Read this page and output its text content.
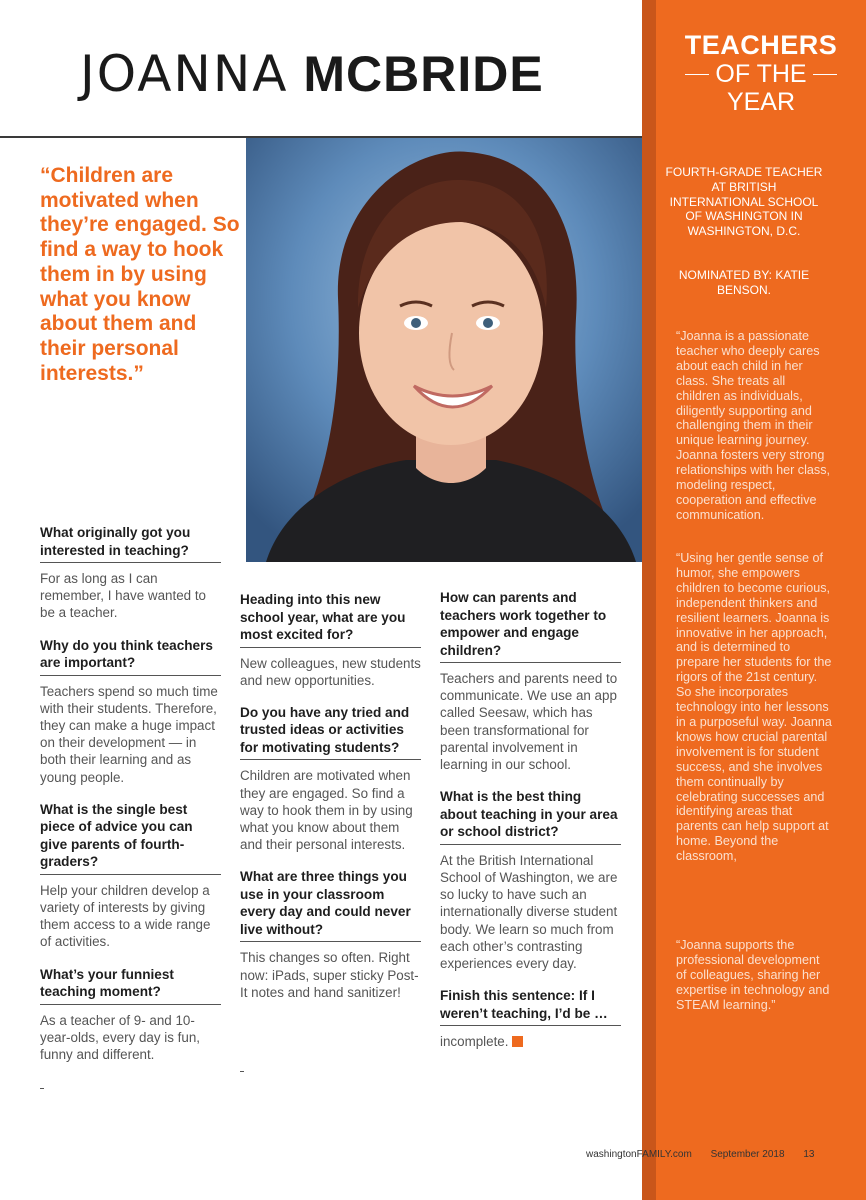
JOANNA MCBRIDE
TEACHERS
OF THE
YEAR
FOURTH-GRADE TEACHER AT BRITISH INTERNATIONAL SCHOOL OF WASHINGTON IN WASHINGTON, D.C.
NOMINATED BY: KATIE BENSON.

“Joanna is a passionate teacher who deeply cares about each child in her class. She treats all children as individuals, diligently supporting and challenging them in their unique learning journey. Joanna fosters very strong relationships with her class, modeling respect, cooperation and effective communication.

“Using her gentle sense of humor, she empowers children to become curious, independent thinkers and resilient learners. Joanna is innovative in her approach, and is determined to prepare her students for the rigors of the 21st century. So she incorporates technology into her lessons in a purposeful way. Joanna knows how crucial parental involvement is for student success, and she involves them continually by celebrating successes and identifying areas that parents can help support at home. Beyond the classroom,

“Joanna supports the professional development of colleagues, sharing her expertise in technology and STEAM learning.”

“Children are motivated when they’re engaged. So find a way to hook them in by using what you know about them and their personal interests.”
What originally got you interested in teaching?
For as long as I can remember, I have wanted to be a teacher.
Why do you think teachers are important?
Teachers spend so much time with their students. Therefore, they can make a huge impact on their development — in both their learning and as young people.
What is the single best piece of advice you can give parents of fourth-graders?
Help your children develop a variety of interests by giving them access to a wide range of activities.
What’s your funniest teaching moment?
As a teacher of 9- and 10-year-olds, every day is fun, funny and different.
Heading into this new school year, what are you most excited for?
New colleagues, new students and new opportunities.
Do you have any tried and trusted ideas or activities for motivating students?
Children are motivated when they are engaged. So find a way to hook them in by using what you know about them and their personal interests.
What are three things you use in your classroom every day and could never live without?
This changes so often. Right now: iPads, super sticky Post-It notes and hand sanitizer!
How can parents and teachers work together to empower and engage children?
Teachers and parents need to communicate. We use an app called Seesaw, which has been transformational for parental involvement in learning in our school.
What is the best thing about teaching in your area or school district?
At the British International School of Washington, we are so lucky to have such an internationally diverse student body. We learn so much from each other’s contrasting experiences every day.
Finish this sentence: If I weren’t teaching, I’d be …
incomplete.
washingtonFAMILY.com September 2018 13
